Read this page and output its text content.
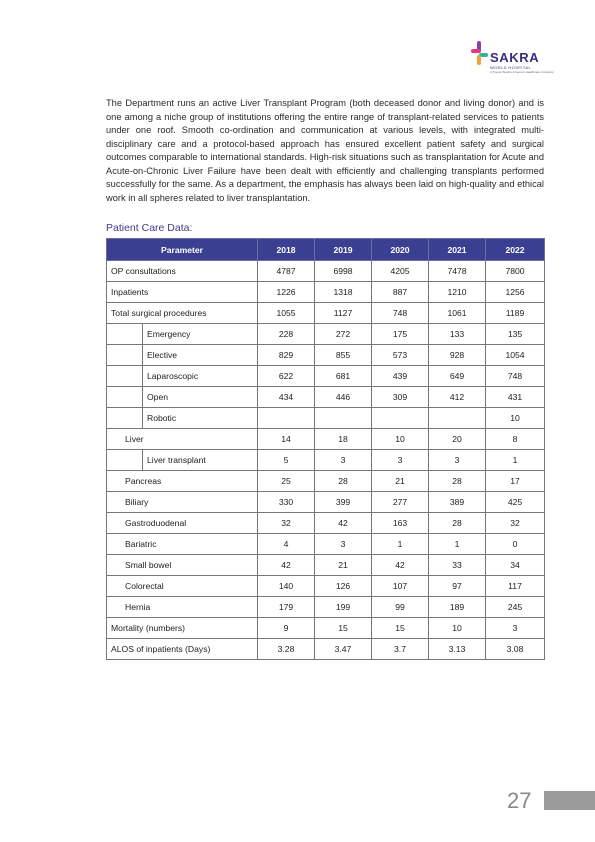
SAKRA
WORLD HOSPITAL
A Toyota Tsusho & Secom Healthcare Company

The Department runs an active Liver Transplant Program (both deceased donor and living donor) and is one among a niche group of institutions offering the entire range of transplant-related services to patients under one roof. Smooth co-ordination and communication at various levels, with integrated multi-disciplinary care and a protocol-based approach has ensured excellent patient safety and surgical outcomes comparable to international standards. High-risk situations such as transplantation for Acute and Acute-on-Chronic Liver Failure have been dealt with efficiently and challenging transplants performed successfully for the same. As a department, the emphasis has always been laid on high-quality and ethical work in all spheres related to liver transplantation.

Patient Care Data:
Parameter		2018	2019	2020	2021	2022
OP consultations		4787	6998	4205	7478	7800
Inpatients		1226	1318	887	1210	1256
Total surgical procedures		1055	1127	748	1061	1189
	Emergency	228	272	175	133	135
	Elective	829	855	573	928	1054
	Laparoscopic	622	681	439	649	748
	Open	434	446	309	412	431
	Robotic					10
Liver		14	18	10	20	8
	Liver transplant	5	3	3	3	1
Pancreas		25	28	21	28	17
Biliary		330	399	277	389	425
Gastroduodenal		32	42	163	28	32
Bariatric		4	3	1	1	0
Small bowel		42	21	42	33	34
Colorectal		140	126	107	97	117
Hernia		179	199	99	189	245
Mortality (numbers)		9	15	15	10	3
ALOS of inpatients (Days)		3.28	3.47	3.7	3.13	3.08
27
